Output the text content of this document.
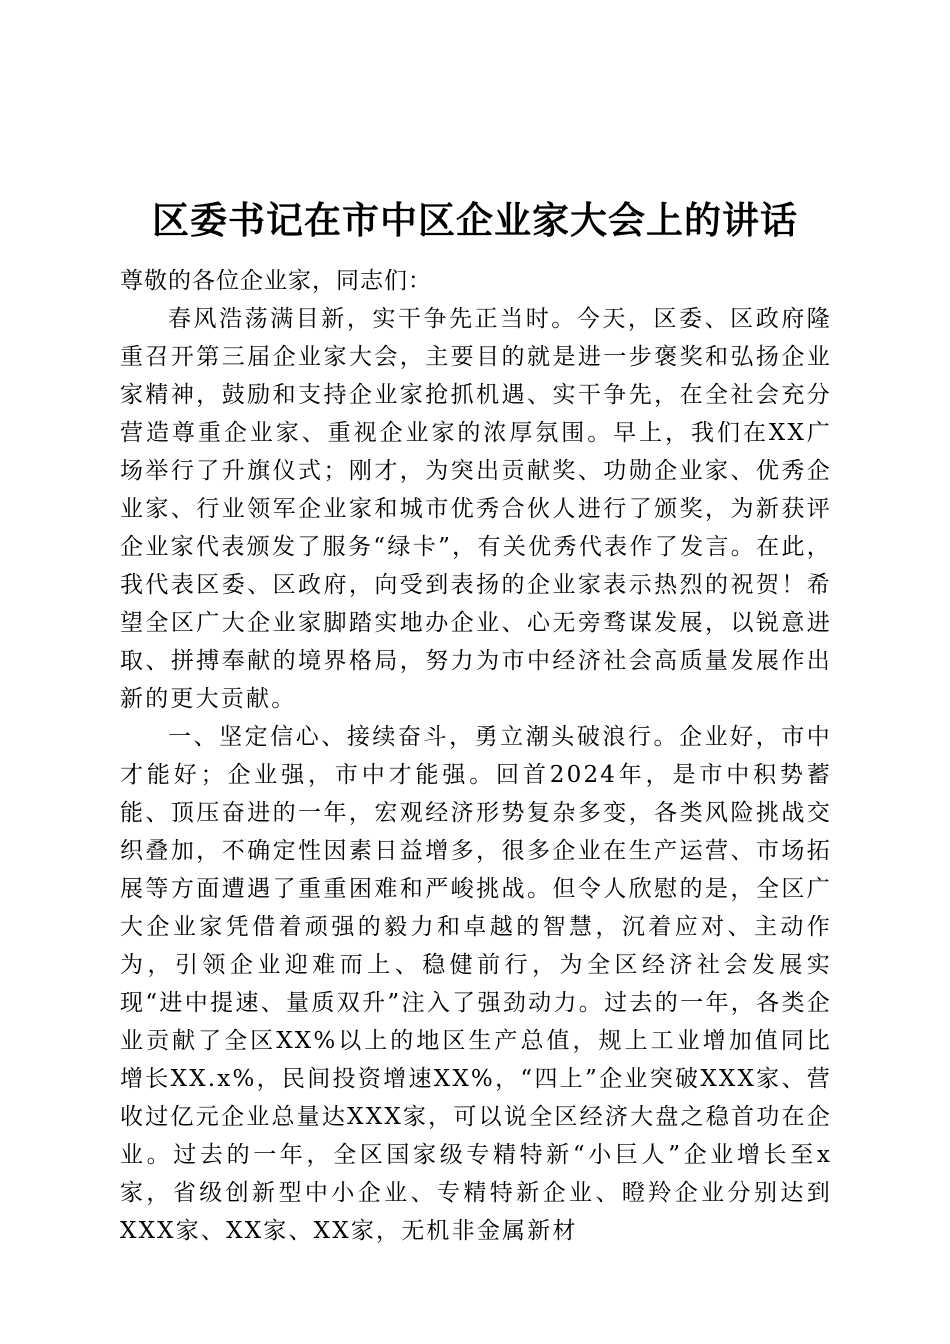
区委书记在市中区企业家大会上的讲话

尊敬的各位企业家，同志们：

春风浩荡满目新，实干争先正当时。今天，区委、区政府隆重召开第三届企业家大会，主要目的就是进一步褒奖和弘扬企业家精神，鼓励和支持企业家抢抓机遇、实干争先，在全社会充分营造尊重企业家、重视企业家的浓厚氛围。早上，我们在XX广场举行了升旗仪式；刚才，为突出贡献奖、功勋企业家、优秀企业家、行业领军企业家和城市优秀合伙人进行了颁奖，为新获评企业家代表颁发了服务“绿卡”，有关优秀代表作了发言。在此，我代表区委、区政府，向受到表扬的企业家表示热烈的祝贺！希望全区广大企业家脚踏实地办企业、心无旁骛谋发展，以锐意进取、拼搏奉献的境界格局，努力为市中经济社会高质量发展作出新的更大贡献。

一、坚定信心、接续奋斗，勇立潮头破浪行。企业好，市中才能好；企业强，市中才能强。回首2024年，是市中积势蓄能、顶压奋进的一年，宏观经济形势复杂多变，各类风险挑战交织叠加，不确定性因素日益增多，很多企业在生产运营、市场拓展等方面遭遇了重重困难和严峻挑战。但令人欣慰的是，全区广大企业家凭借着顽强的毅力和卓越的智慧，沉着应对、主动作为，引领企业迎难而上、稳健前行，为全区经济社会发展实现“进中提速、量质双升”注入了强劲动力。过去的一年，各类企业贡献了全区XX%以上的地区生产总值，规上工业增加值同比增长XX.x%，民间投资增速XX%，“四上”企业突破XXX家、营收过亿元企业总量达XXX家，可以说全区经济大盘之稳首功在企业。过去的一年，全区国家级专精特新“小巨人”企业增长至x家，省级创新型中小企业、专精特新企业、瞪羚企业分别达到XXX家、XX家、XX家，无机非金属新材
